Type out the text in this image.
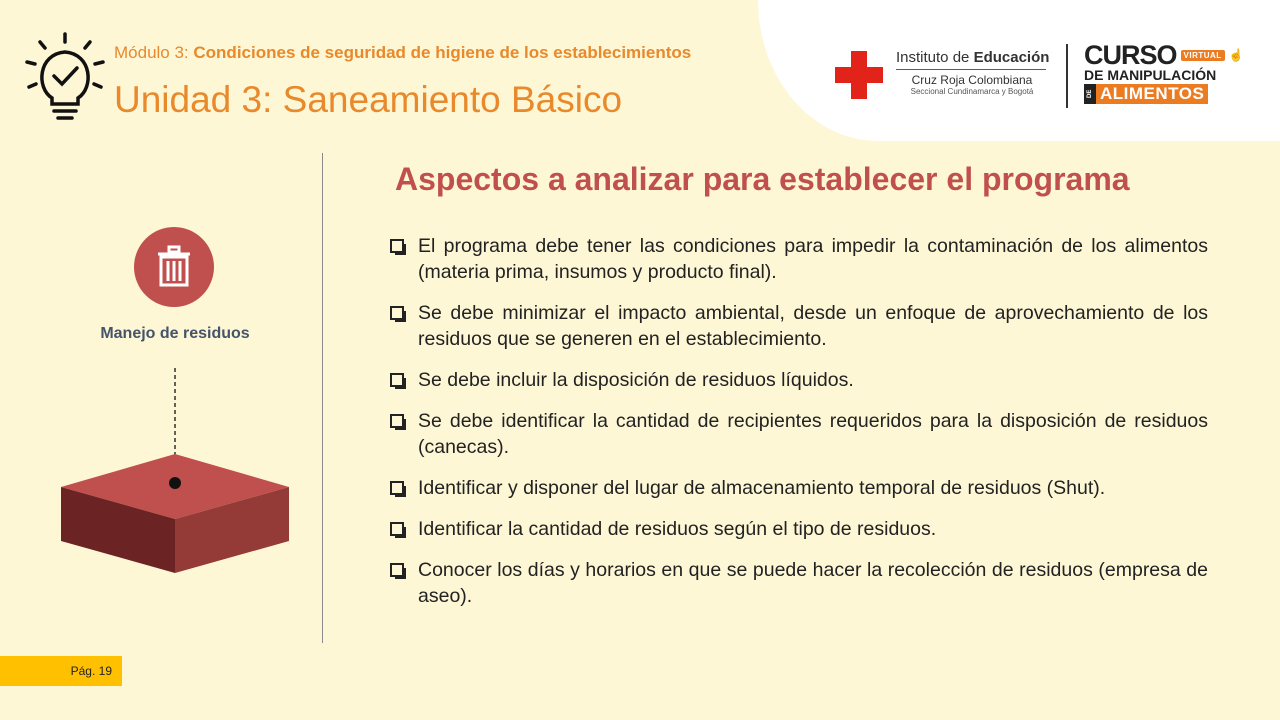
Módulo 3: Condiciones de seguridad de higiene de los establecimientos
Unidad 3: Saneamiento Básico
Instituto de Educación
Cruz Roja Colombiana
Seccional Cundinamarca y Bogotá
CURSO VIRTUAL ☝
DE MANIPULACIÓN
DE ALIMENTOS
Manejo de residuos
Aspectos a analizar para establecer el programa
El programa debe tener las condiciones para impedir la contaminación de los alimentos (materia prima, insumos y producto final).
Se debe minimizar el impacto ambiental, desde un enfoque de aprovechamiento de los residuos que se generen en el establecimiento.
Se debe incluir la disposición de residuos líquidos.
Se debe identificar la cantidad de recipientes requeridos para la disposición de residuos (canecas).
Identificar y disponer del lugar de almacenamiento temporal de residuos (Shut).
Identificar la cantidad de residuos según el tipo de residuos.
Conocer los días y horarios en que se puede hacer la recolección de residuos (empresa de aseo).
Pág. 19
